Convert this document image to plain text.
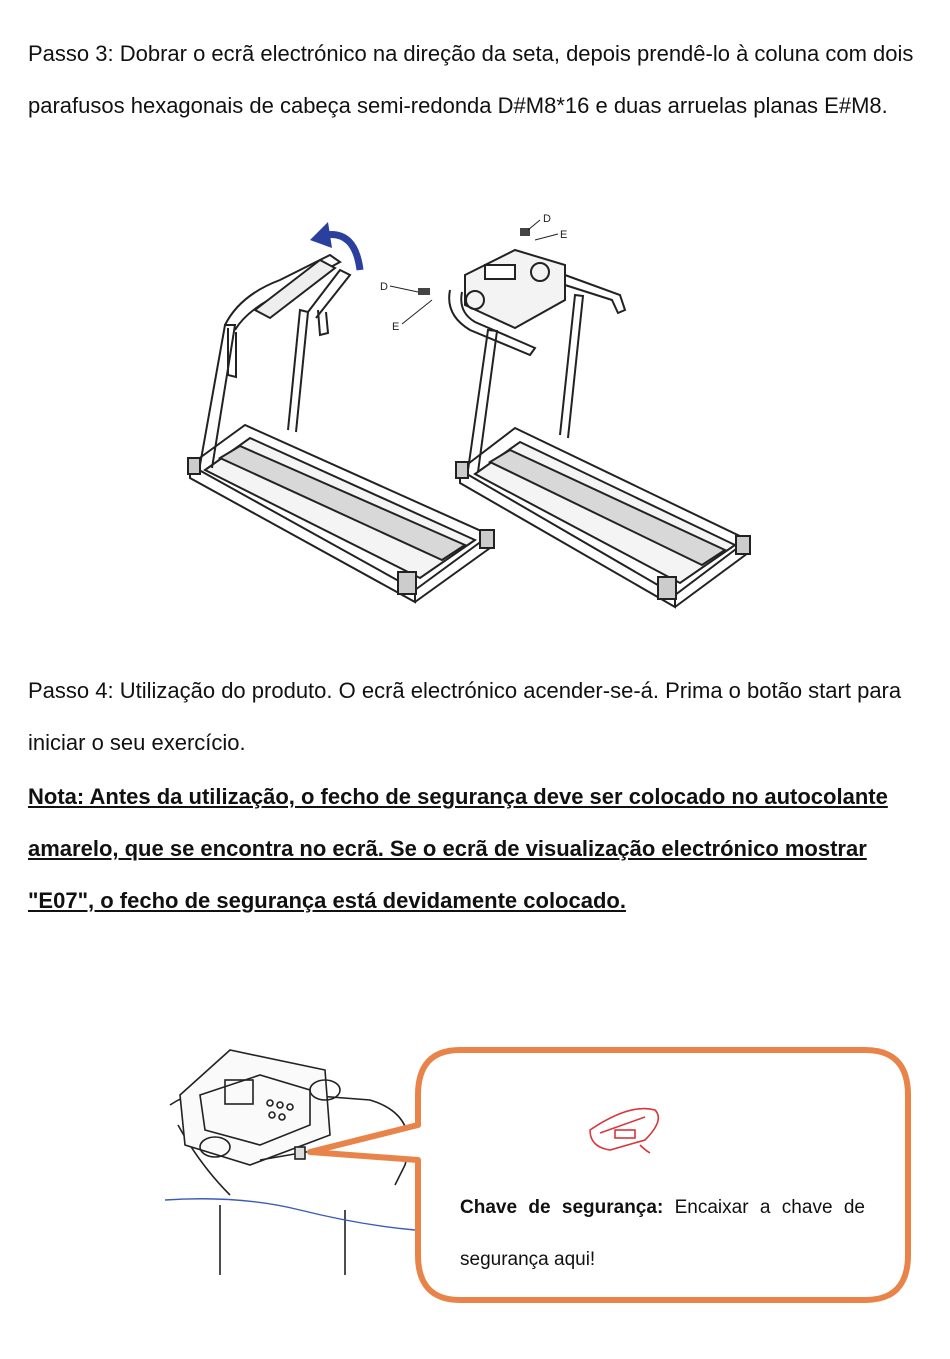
Passo 3: Dobrar o ecrã electrónico na direção da seta, depois prendê-lo à coluna com dois parafusos hexagonais de cabeça semi-redonda D#M8*16 e duas arruelas planas E#M8.

D
E
D
E

Passo 4: Utilização do produto. O ecrã electrónico acender-se-á. Prima o botão start para iniciar o seu exercício.

Nota: Antes da utilização, o fecho de segurança deve ser colocado no autocolante amarelo, que se encontra no ecrã. Se o ecrã de visualização electrónico mostrar "E07", o fecho de segurança está devidamente colocado.

Chave de segurança: Encaixar a chave de segurança aqui!
